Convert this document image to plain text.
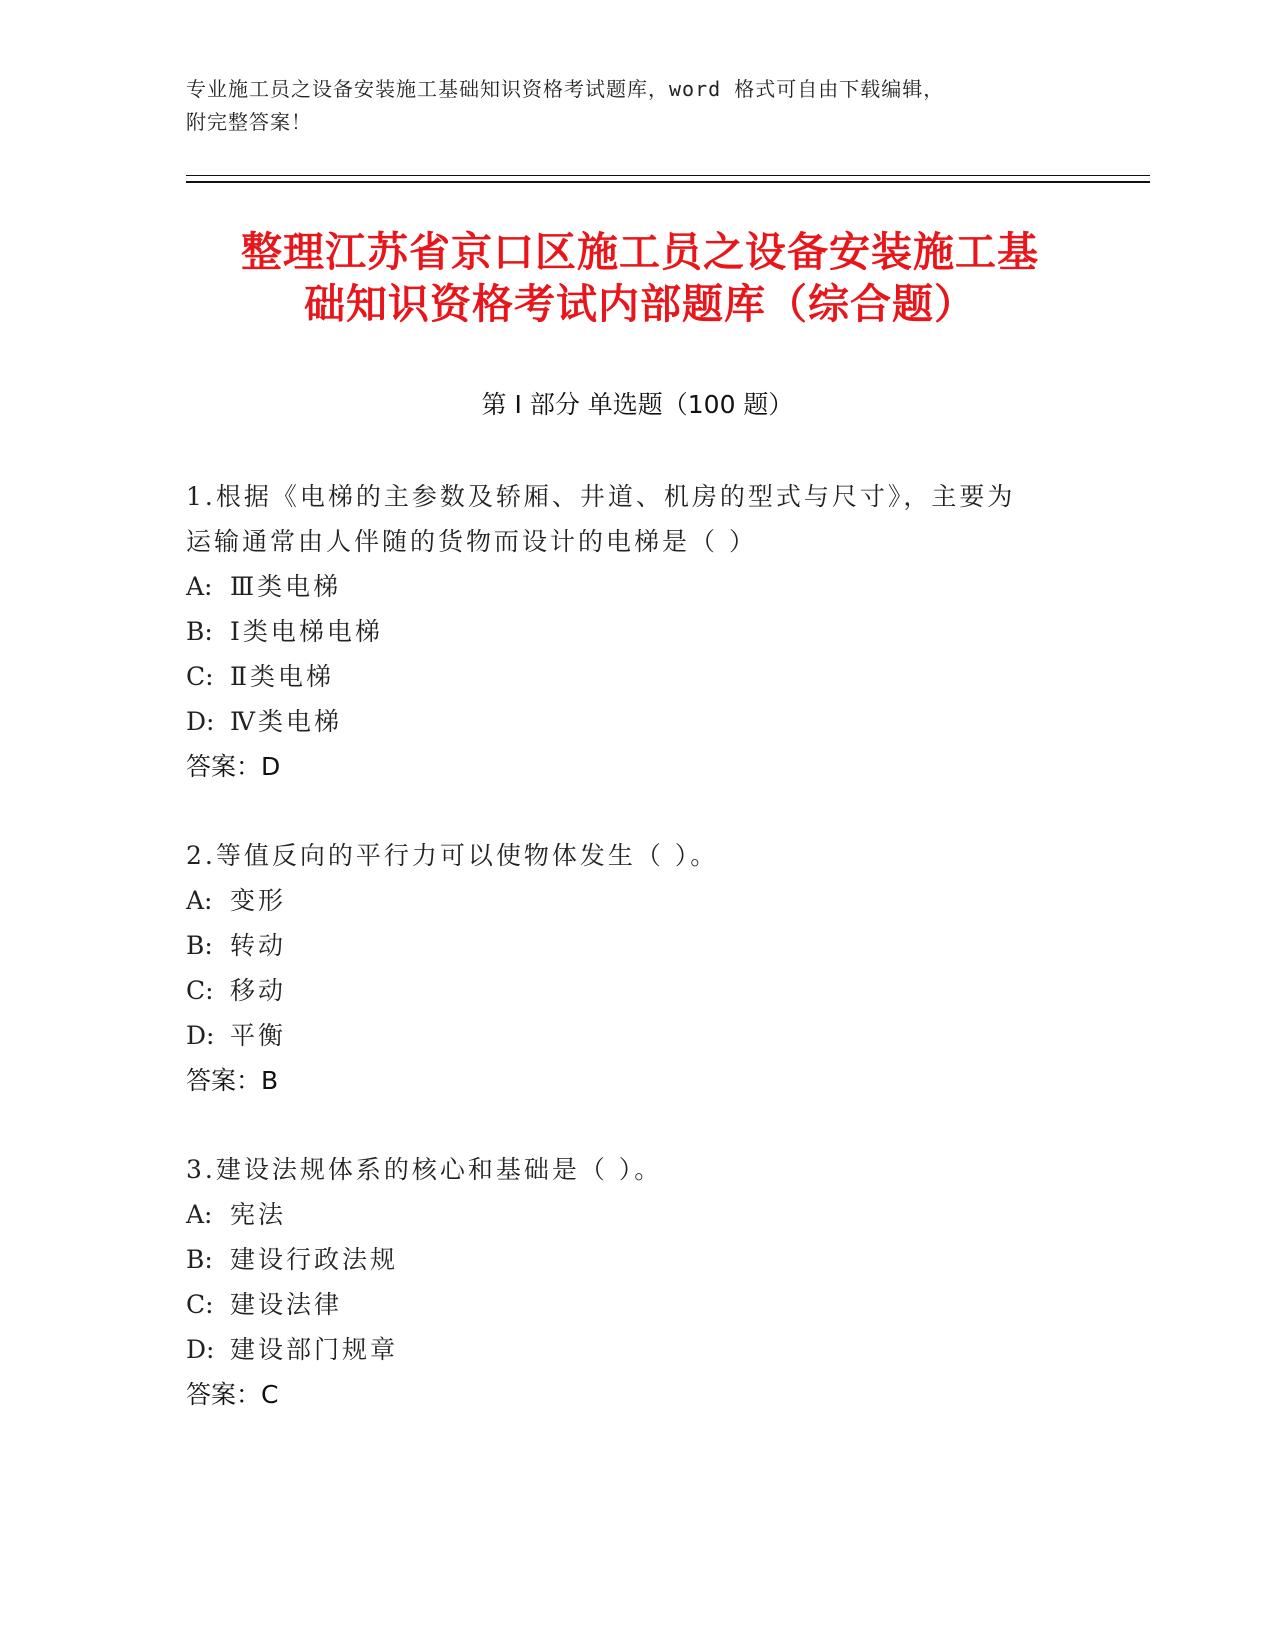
专业施工员之设备安装施工基础知识资格考试题库，word 格式可自由下载编辑，
附完整答案！
整理江苏省京口区施工员之设备安装施工基
础知识资格考试内部题库（综合题）
第 I 部分 单选题（100 题）
1.根据《电梯的主参数及轿厢、井道、机房的型式与尺寸》，主要为
运输通常由人伴随的货物而设计的电梯是（ ）
A: Ⅲ类电梯
B: Ⅰ类电梯电梯
C: Ⅱ类电梯
D: Ⅳ类电梯
答案：D
2.等值反向的平行力可以使物体发生（ ）。
A: 变形
B: 转动
C: 移动
D: 平衡
答案：B
3.建设法规体系的核心和基础是（ ）。
A: 宪法
B: 建设行政法规
C: 建设法律
D: 建设部门规章
答案：C
